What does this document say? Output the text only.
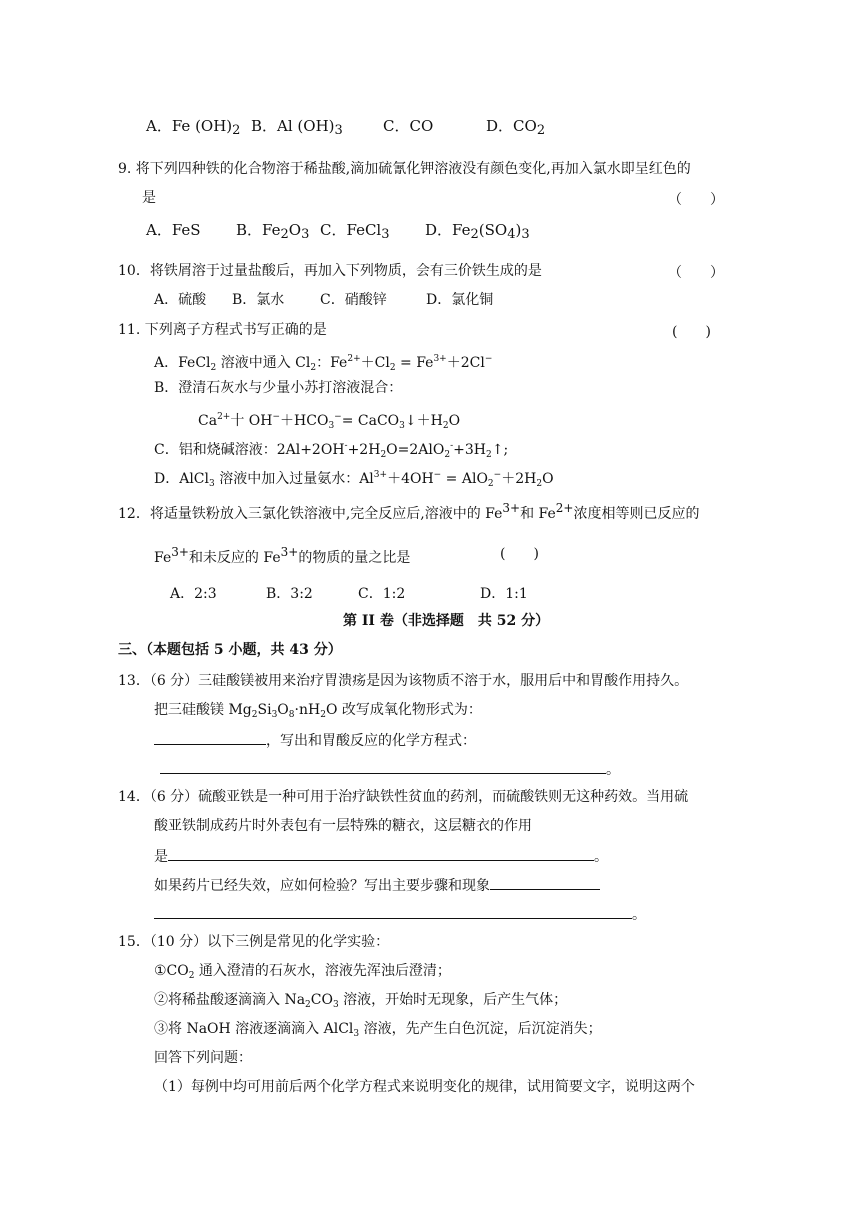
A．Fe (OH)2 B．Al (OH)3	C．CO	D．CO2
9. 将下列四种铁的化合物溶于稀盐酸,滴加硫氰化钾溶液没有颜色变化,再加入氯水即呈红色的
是	（　　）
A．FeS B．Fe2O3 C．FeCl3 D．Fe2(SO4)3
10．将铁屑溶于过量盐酸后，再加入下列物质，会有三价铁生成的是	（　　）
A．硫酸 B．氯水	C．硝酸锌	D．氯化铜
11. 下列离子方程式书写正确的是	(　　)
A．FeCl$_2$ 溶液中通入 $Cl_2$：$Fe^{2+}+Cl_2 = Fe^{3+}+2Cl^-$
B．澄清石灰水与少量小苏打溶液混合：
$Ca^{2+}$十 $OH^-+HCO_3^-=$ $CaCO_3↓+H_2O$
C．铝和烧碱溶液：$2Al+2OH^-+2H_2O=2AlO_2^-+3H_2↑$;
D．AlCl$_3$ 溶液中加入过量氨水：$Al^{3+}+4OH^- = AlO_2^-+2H_2O$
12．将适量铁粉放入三氯化铁溶液中,完全反应后,溶液中的 Fe3+和 Fe2+浓度相等则已反应的
Fe3+和未反应的 Fe3+的物质的量之比是	(　　)
A．2:3	B．3:2	C．1:2	D．1:1
第 II 卷（非选择题　共 52 分）
三、（本题包括 5 小题，共 43 分）
13．（6 分）三硅酸镁被用来治疗胃溃疡是因为该物质不溶于水，服用后中和胃酸作用持久。
把三硅酸镁 $Mg_2Si_3O_8\cdot nH_2O$ 改写成氧化物形式为：
，写出和胃酸反应的化学方程式：
。
14．（6 分）硫酸亚铁是一种可用于治疗缺铁性贫血的药剂，而硫酸铁则无这种药效。当用硫
酸亚铁制成药片时外表包有一层特殊的糖衣，这层糖衣的作用
是	。
如果药片已经失效，应如何检验？写出主要步骤和现象
。
15．（10 分）以下三例是常见的化学实验：
$①CO_2$ 通入澄清的石灰水，溶液先浑浊后澄清；
②将稀盐酸逐滴滴入 $Na_2CO_3$ 溶液，开始时无现象，后产生气体；
③将 NaOH 溶液逐滴滴入 AlCl$_3$ 溶液，先产生白色沉淀，后沉淀消失；
回答下列问题：
（1）每例中均可用前后两个化学方程式来说明变化的规律，试用简要文字，说明这两个
